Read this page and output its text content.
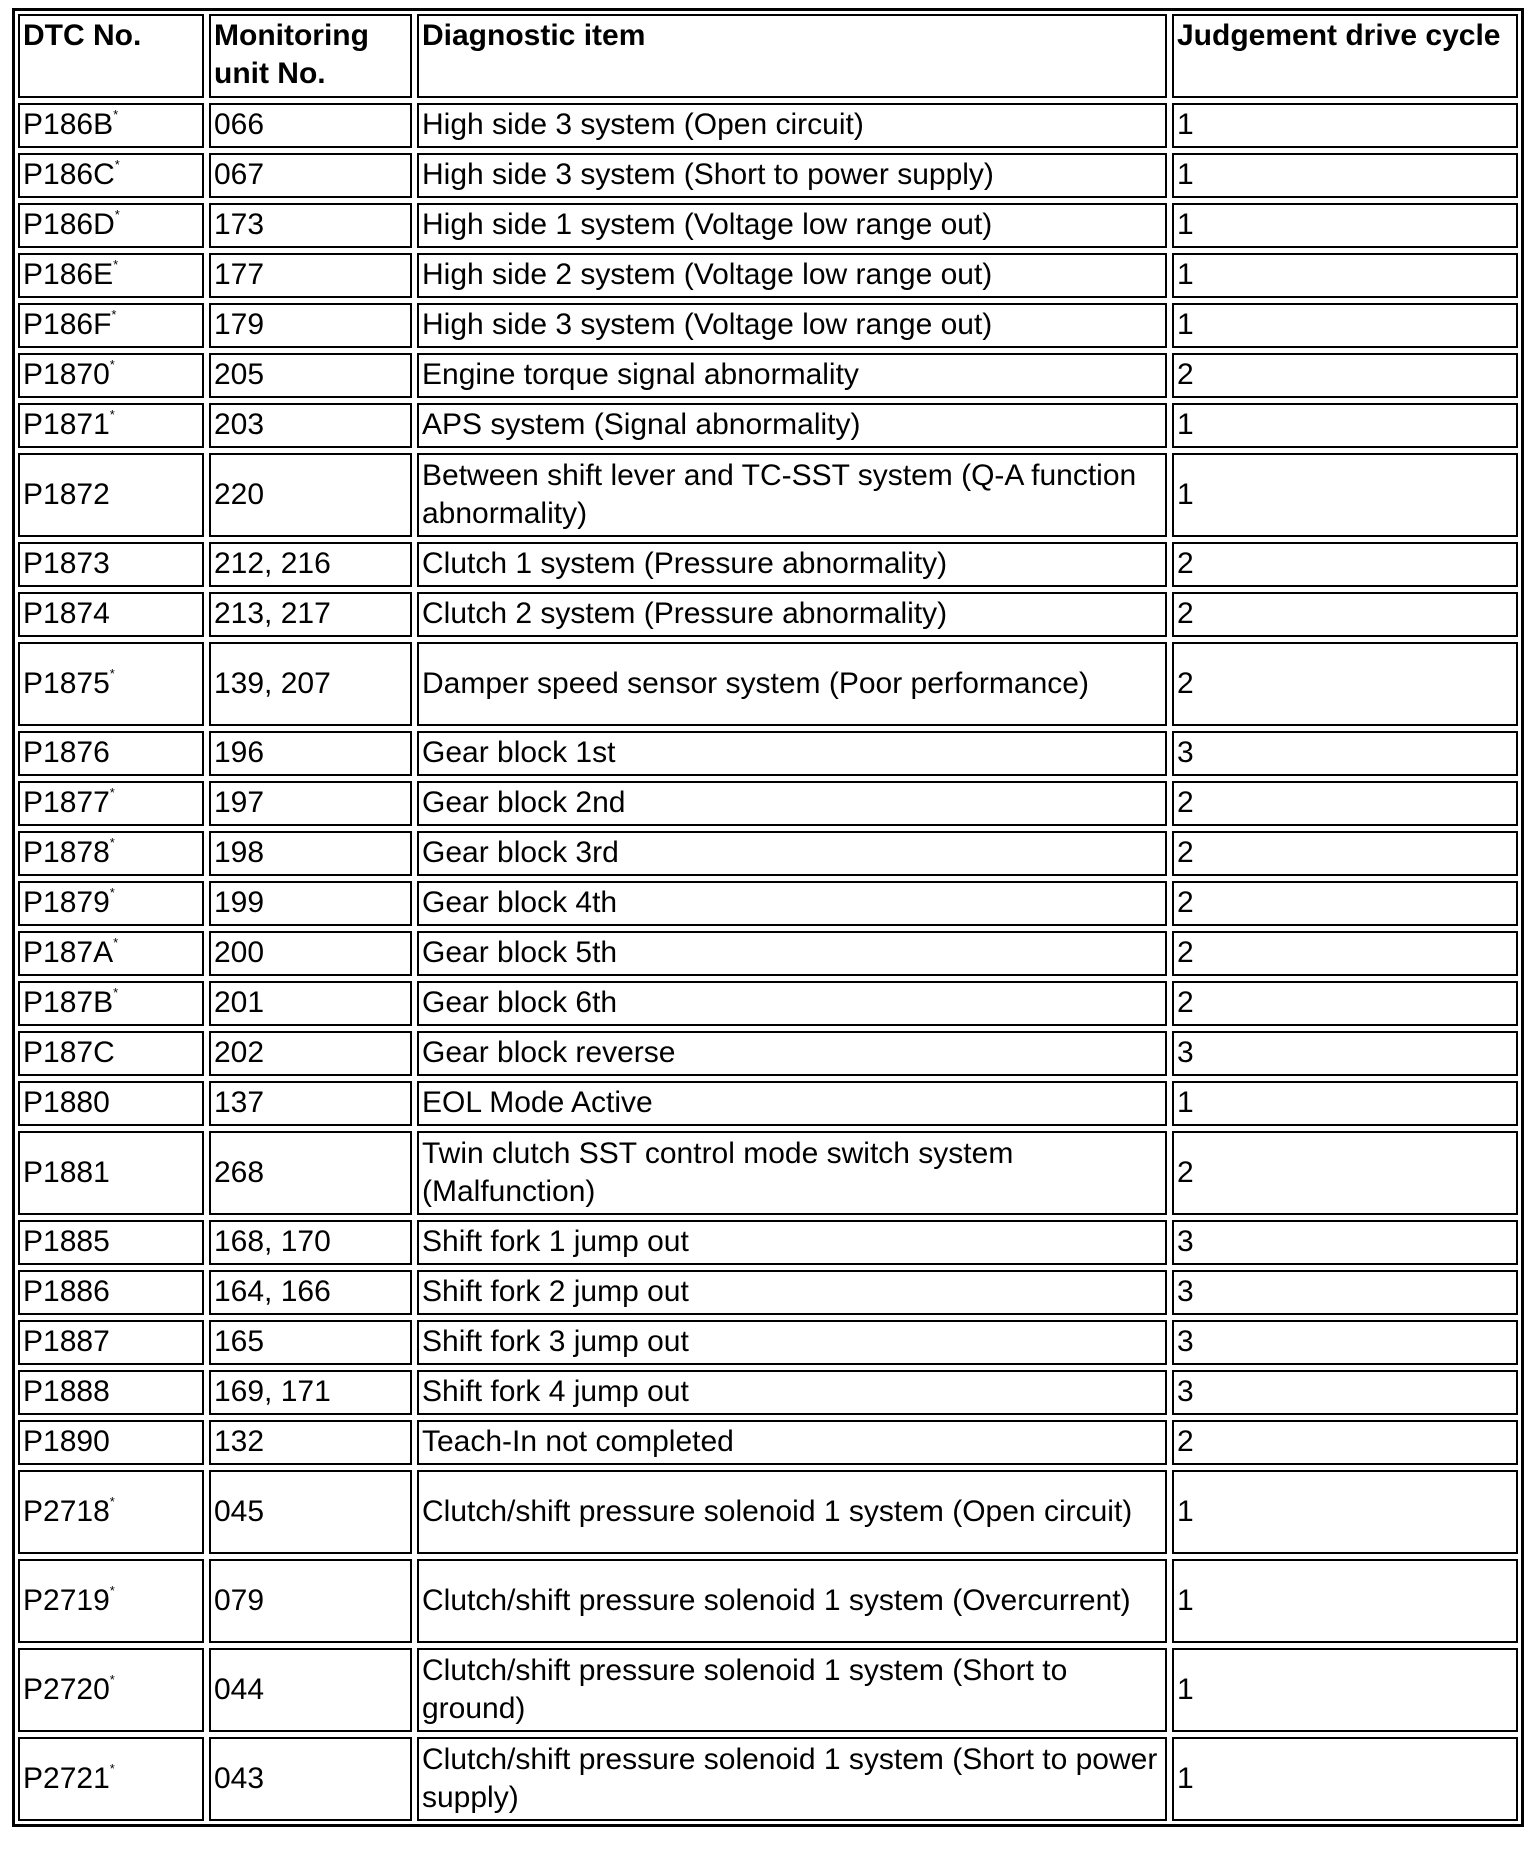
DTC No.	Monitoring unit No.	Diagnostic item	Judgement drive cycle
P186B*	066	High side 3 system (Open circuit)	1
P186C*	067	High side 3 system (Short to power supply)	1
P186D*	173	High side 1 system (Voltage low range out)	1
P186E*	177	High side 2 system (Voltage low range out)	1
P186F*	179	High side 3 system (Voltage low range out)	1
P1870*	205	Engine torque signal abnormality	2
P1871*	203	APS system (Signal abnormality)	1
P1872	220	Between shift lever and TC-SST system (Q-A function abnormality)	1
P1873	212, 216	Clutch 1 system (Pressure abnormality)	2
P1874	213, 217	Clutch 2 system (Pressure abnormality)	2
P1875*	139, 207	Damper speed sensor system (Poor performance)	2
P1876	196	Gear block 1st	3
P1877*	197	Gear block 2nd	2
P1878*	198	Gear block 3rd	2
P1879*	199	Gear block 4th	2
P187A*	200	Gear block 5th	2
P187B*	201	Gear block 6th	2
P187C	202	Gear block reverse	3
P1880	137	EOL Mode Active	1
P1881	268	Twin clutch SST control mode switch system (Malfunction)	2
P1885	168, 170	Shift fork 1 jump out	3
P1886	164, 166	Shift fork 2 jump out	3
P1887	165	Shift fork 3 jump out	3
P1888	169, 171	Shift fork 4 jump out	3
P1890	132	Teach-In not completed	2
P2718*	045	Clutch/shift pressure solenoid 1 system (Open circuit)	1
P2719*	079	Clutch/shift pressure solenoid 1 system (Overcurrent)	1
P2720*	044	Clutch/shift pressure solenoid 1 system (Short to ground)	1
P2721*	043	Clutch/shift pressure solenoid 1 system (Short to power supply)	1
